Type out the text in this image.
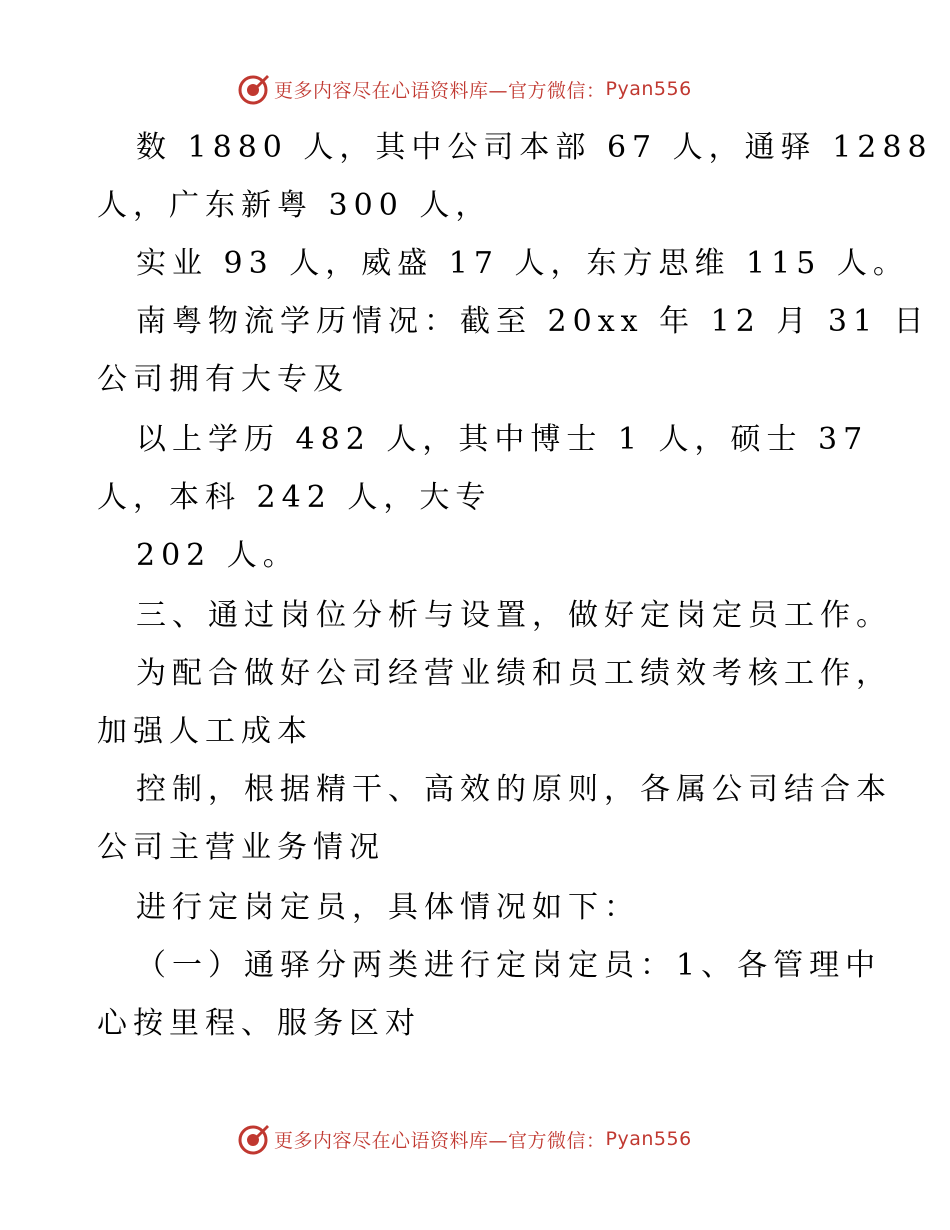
更多内容尽在心语资料库—官方微信： Pyan556
数 1880 人，其中公司本部 67 人，通驿 1288
人，广东新粤 300 人，
实业 93 人，威盛 17 人，东方思维 115 人。
南粤物流学历情况：截至 20xx 年 12 月 31 日
公司拥有大专及
以上学历 482 人，其中博士 1 人，硕士 37
人，本科 242 人，大专
202 人。
三、通过岗位分析与设置，做好定岗定员工作。
为配合做好公司经营业绩和员工绩效考核工作，
加强人工成本
控制，根据精干、高效的原则，各属公司结合本
公司主营业务情况
进行定岗定员，具体情况如下：
（一）通驿分两类进行定岗定员：1、各管理中
心按里程、服务区对
更多内容尽在心语资料库—官方微信： Pyan556
